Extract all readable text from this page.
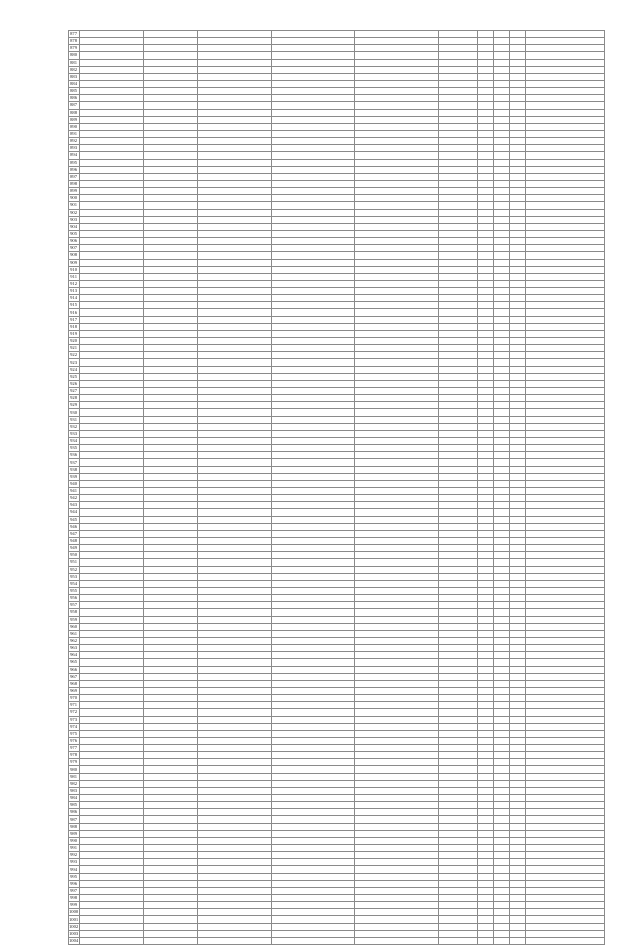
877										
878										
879										
880										
881										
882										
883										
884										
885										
886										
887										
888										
889										
890										
891										
892										
893										
894										
895										
896										
897										
898										
899										
900										
901										
902										
903										
904										
905										
906										
907										
908										
909										
910										
911										
912										
913										
914										
915										
916										
917										
918										
919										
920										
921										
922										
923										
924										
925										
926										
927										
928										
929										
930										
931										
932										
933										
934										
935										
936										
937										
938										
939										
940										
941										
942										
943										
944										
945										
946										
947										
948										
949										
950										
951										
952										
953										
954										
955										
956										
957										
958										
959										
960										
961										
962										
963										
964										
965										
966										
967										
968										
969										
970										
971										
972										
973										
974										
975										
976										
977										
978										
979										
980										
981										
982										
983										
984										
985										
986										
987										
988										
989										
990										
991										
992										
993										
994										
995										
996										
997										
998										
999										
1000										
1001										
1002										
1003										
1004										
